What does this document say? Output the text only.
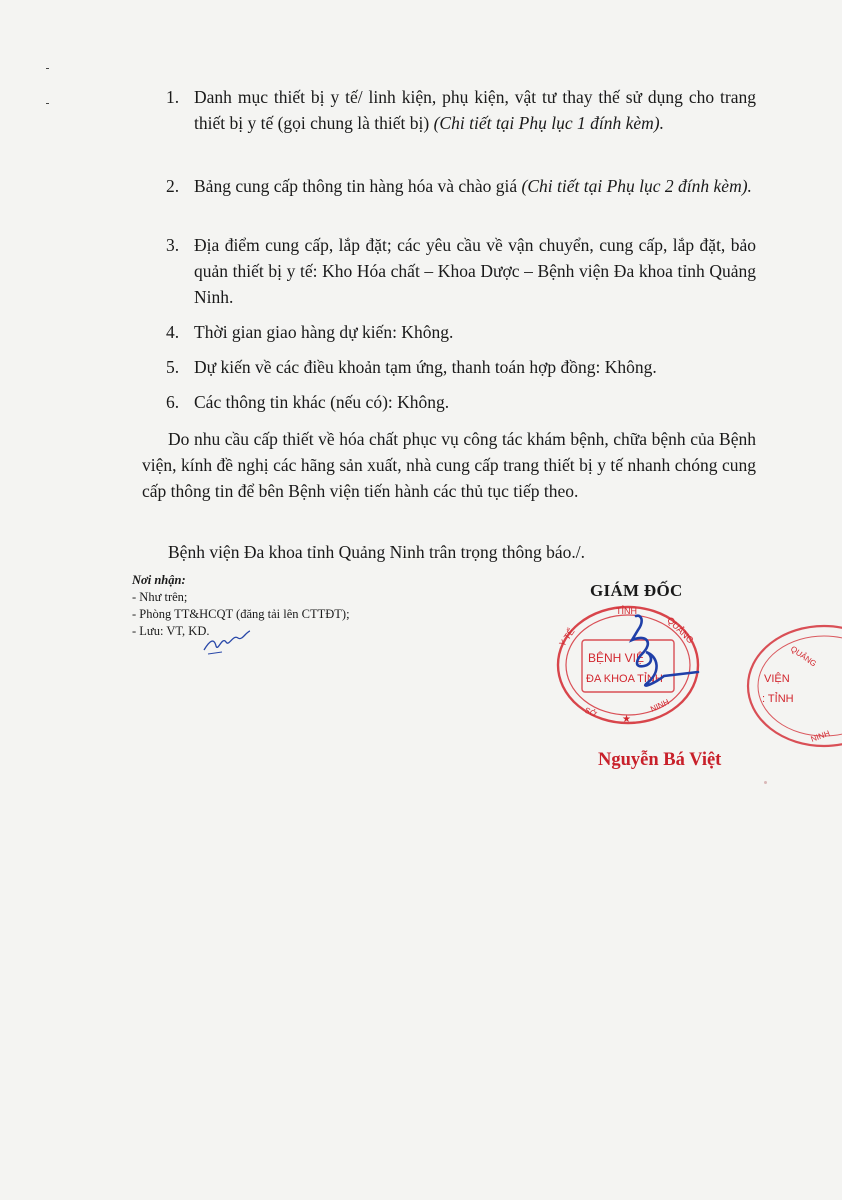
1. Danh mục thiết bị y tế/ linh kiện, phụ kiện, vật tư thay thế sử dụng cho trang thiết bị y tế (gọi chung là thiết bị) (Chi tiết tại Phụ lục 1 đính kèm).
2. Bảng cung cấp thông tin hàng hóa và chào giá (Chi tiết tại Phụ lục 2 đính kèm).
3. Địa điểm cung cấp, lắp đặt; các yêu cầu về vận chuyển, cung cấp, lắp đặt, bảo quản thiết bị y tế: Kho Hóa chất – Khoa Dược – Bệnh viện Đa khoa tỉnh Quảng Ninh.
4. Thời gian giao hàng dự kiến: Không.
5. Dự kiến về các điều khoản tạm ứng, thanh toán hợp đồng: Không.
6. Các thông tin khác (nếu có): Không.
Do nhu cầu cấp thiết về hóa chất phục vụ công tác khám bệnh, chữa bệnh của Bệnh viện, kính đề nghị các hãng sản xuất, nhà cung cấp trang thiết bị y tế nhanh chóng cung cấp thông tin để bên Bệnh viện tiến hành các thủ tục tiếp theo.
Bệnh viện Đa khoa tỉnh Quảng Ninh trân trọng thông báo./.
Nơi nhận:
- Như trên;
- Phòng TT&HCQT (đăng tải lên CTTĐT);
- Lưu: VT, KD.
GIÁM ĐỐC
TỈNH
QUẢNG
Y TẾ
BỆNH VIỆ
ĐA KHOA TỈNH
SỞ	NINH
★
VIỆN
: TỈNH
QUẢNG
NINH
Nguyễn Bá Việt
